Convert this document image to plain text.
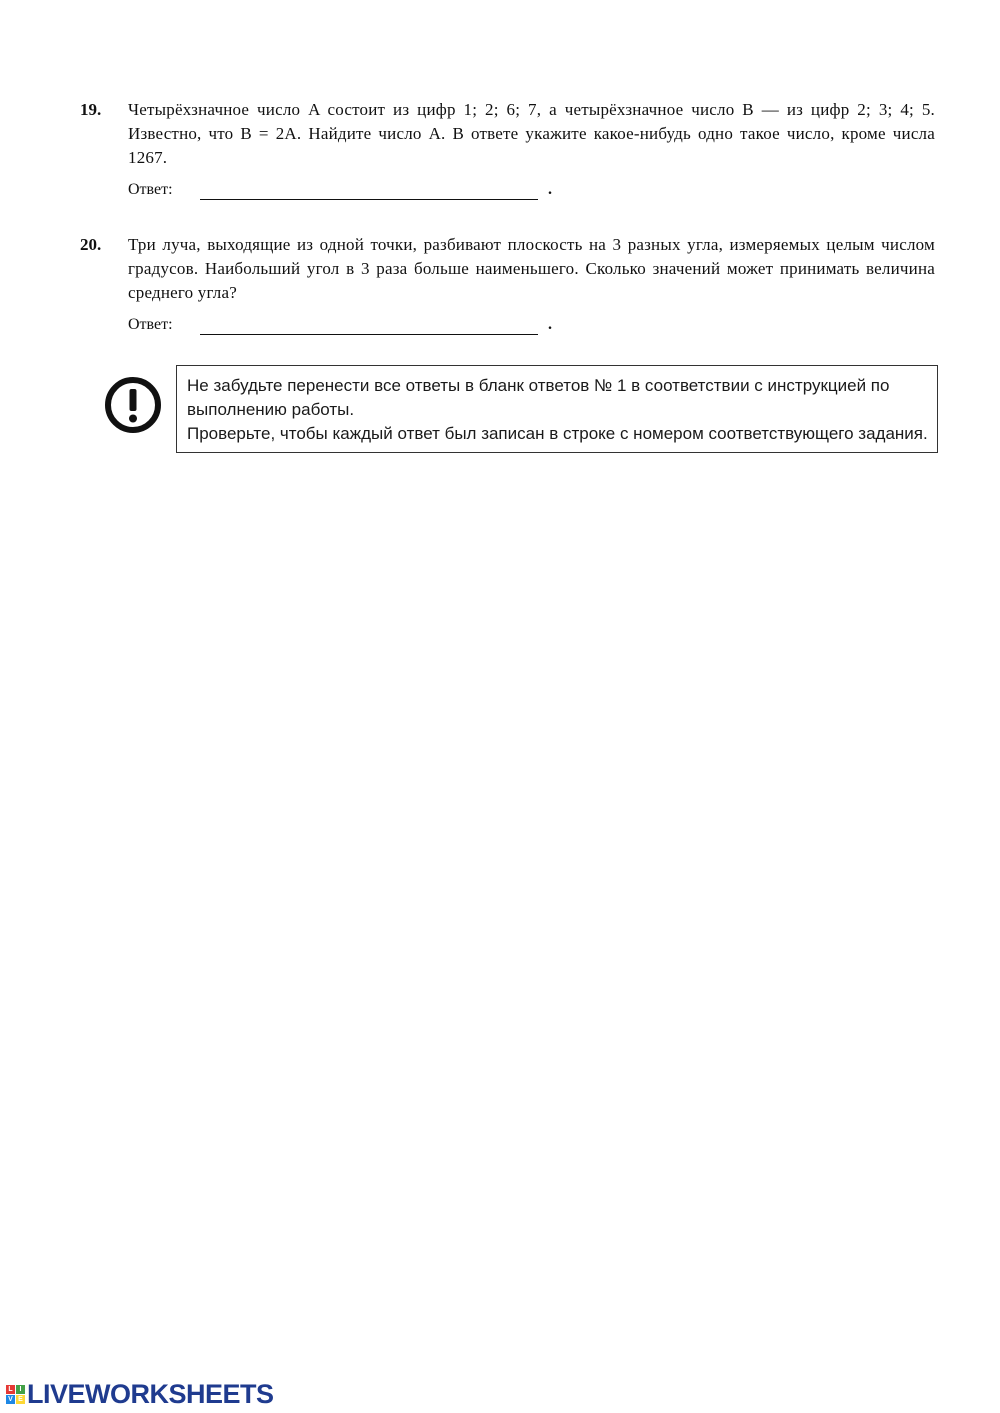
19. Четырёхзначное число A состоит из цифр 1; 2; 6; 7, а четырёхзначное число B — из цифр 2; 3; 4; 5. Известно, что B = 2A. Найдите число A. В ответе укажите какое-нибудь одно такое число, кроме числа 1267.
Ответ:	.
20. Три луча, выходящие из одной точки, разбивают плоскость на 3 разных угла, измеряемых целым числом градусов. Наибольший угол в 3 раза больше наименьшего. Сколько значений может принимать величина среднего угла?
Ответ:	.

Не забудьте перенести все ответы в бланк ответов № 1 в соответствии с инструкцией по выполнению работы.

Проверьте, чтобы каждый ответ был записан в строке с номером соответствующего задания.

L I
V E LIVEWORKSHEETS
